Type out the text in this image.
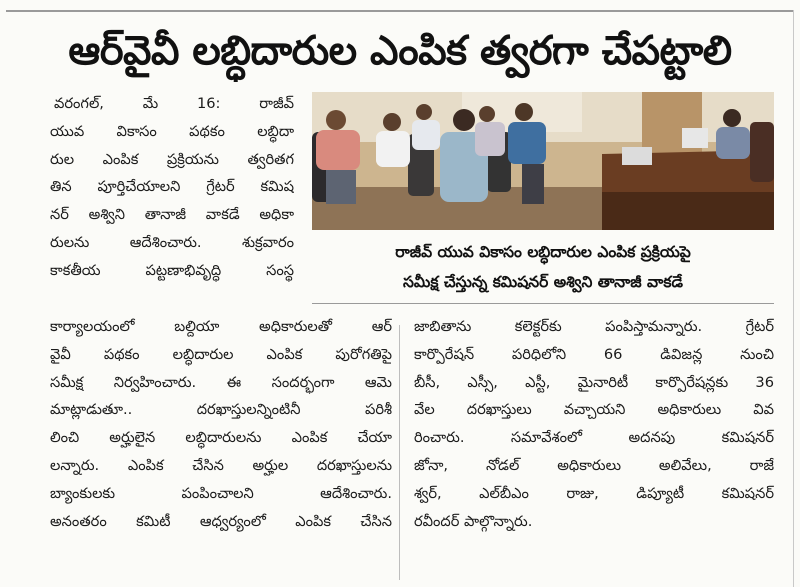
ఆర్‌వైవీ లబ్ధిదారుల ఎంపిక త్వరగా చేపట్టాలి
వరంగల్, మే 16: రాజీవ్
యువ వికాసం పథకం లబ్ధిదా
రుల ఎంపిక ప్రక్రియను త్వరితగ
తిన పూర్తిచేయాలని గ్రేటర్ కమిష
నర్ అశ్విని తానాజీ వాకడే అధికా
రులను ఆదేశించారు. శుక్రవారం
కాకతీయ పట్టణాభివృద్ధి సంస్థ
రాజీవ్ యువ వికాసం లబ్ధిదారుల ఎంపిక ప్రక్రియపై
సమీక్ష చేస్తున్న కమిషనర్ అశ్విని తానాజీ వాకడే
కార్యాలయంలో బల్దియా అధికారులతో ఆర్
వైవీ పథకం లబ్ధిదారుల ఎంపిక పురోగతిపై
సమీక్ష నిర్వహించారు. ఈ సందర్భంగా ఆమె
మాట్లాడుతూ.. దరఖాస్తులన్నింటినీ పరిశీ
లించి అర్హులైన లబ్ధిదారులను ఎంపిక చేయా
లన్నారు. ఎంపిక చేసిన అర్హుల దరఖాస్తులను
బ్యాంకులకు పంపించాలని ఆదేశించారు.
అనంతరం కమిటీ ఆధ్వర్యంలో ఎంపిక చేసిన
జాబితాను కలెక్టర్‌కు పంపిస్తామన్నారు. గ్రేటర్
కార్పొరేషన్ పరిధిలోని 66 డివిజన్ల నుంచి
బీసీ, ఎస్సీ, ఎస్టీ, మైనారిటీ కార్పొరేషన్లకు 36
వేల దరఖాస్తులు వచ్చాయని అధికారులు వివ
రించారు. సమావేశంలో అదనపు కమిషనర్
జోనా, నోడల్ అధికారులు అలివేలు, రాజే
శ్వర్, ఎల్‌బీఎం రాజు, డిప్యూటీ కమిషనర్
రవీందర్ పాల్గొన్నారు.
